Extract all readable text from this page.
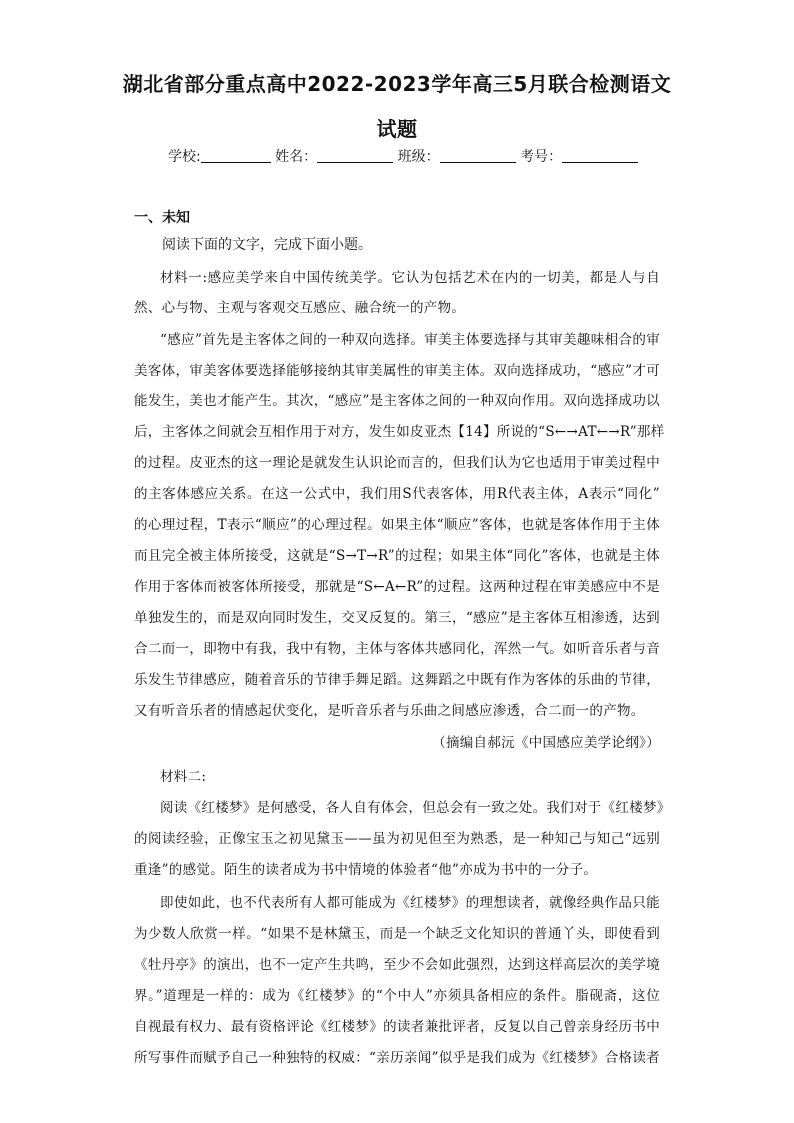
湖北省部分重点高中2022-2023学年高三5月联合检测语文
试题
学校:	姓名：	班级：	考号：
一、未知
阅读下面的文字，完成下面小题。
材料一:感应美学来自中国传统美学。它认为包括艺术在内的一切美，都是人与自
然、心与物、主观与客观交互感应、融合统一的产物。
“感应”首先是主客体之间的一种双向选择。审美主体要选择与其审美趣味相合的审
美客体，审美客体要选择能够接纳其审美属性的审美主体。双向选择成功，“感应”才可
能发生，美也才能产生。其次，“感应”是主客体之间的一种双向作用。双向选择成功以
后，主客体之间就会互相作用于对方，发生如皮亚杰【14】所说的“S←→AT←→R”那样
的过程。皮亚杰的这一理论是就发生认识论而言的，但我们认为它也适用于审美过程中
的主客体感应关系。在这一公式中，我们用S代表客体，用R代表主体，A表示“同化”
的心理过程，T表示“顺应”的心理过程。如果主体“顺应”客体，也就是客体作用于主体
而且完全被主体所接受，这就是“S→T→R”的过程；如果主体“同化”客体，也就是主体
作用于客体而被客体所接受，那就是“S←A←R”的过程。这两种过程在审美感应中不是
单独发生的，而是双向同时发生，交叉反复的。第三，“感应”是主客体互相渗透，达到
合二而一，即物中有我，我中有物，主体与客体共感同化，浑然一气。如听音乐者与音
乐发生节律感应，随着音乐的节律手舞足蹈。这舞蹈之中既有作为客体的乐曲的节律，
又有听音乐者的情感起伏变化，是听音乐者与乐曲之间感应渗透，合二而一的产物。
（摘编自郝沅《中国感应美学论纲》）
材料二:
阅读《红楼梦》是何感受，各人自有体会，但总会有一致之处。我们对于《红楼梦》
的阅读经验，正像宝玉之初见黛玉——虽为初见但至为熟悉，是一种知己与知己“远别
重逢”的感觉。陌生的读者成为书中情境的体验者“他”亦成为书中的一分子。
即使如此，也不代表所有人都可能成为《红楼梦》的理想读者，就像经典作品只能
为少数人欣赏一样。“如果不是林黛玉，而是一个缺乏文化知识的普通丫头，即使看到
《牡丹亭》的演出，也不一定产生共鸣，至少不会如此强烈，达到这样高层次的美学境
界。”道理是一样的：成为《红楼梦》的“个中人”亦须具备相应的条件。脂砚斋，这位
自视最有权力、最有资格评论《红楼梦》的读者兼批评者，反复以自己曾亲身经历书中
所写事件而赋予自己一种独特的权威：“亲历亲闻”似乎是我们成为《红楼梦》合格读者
